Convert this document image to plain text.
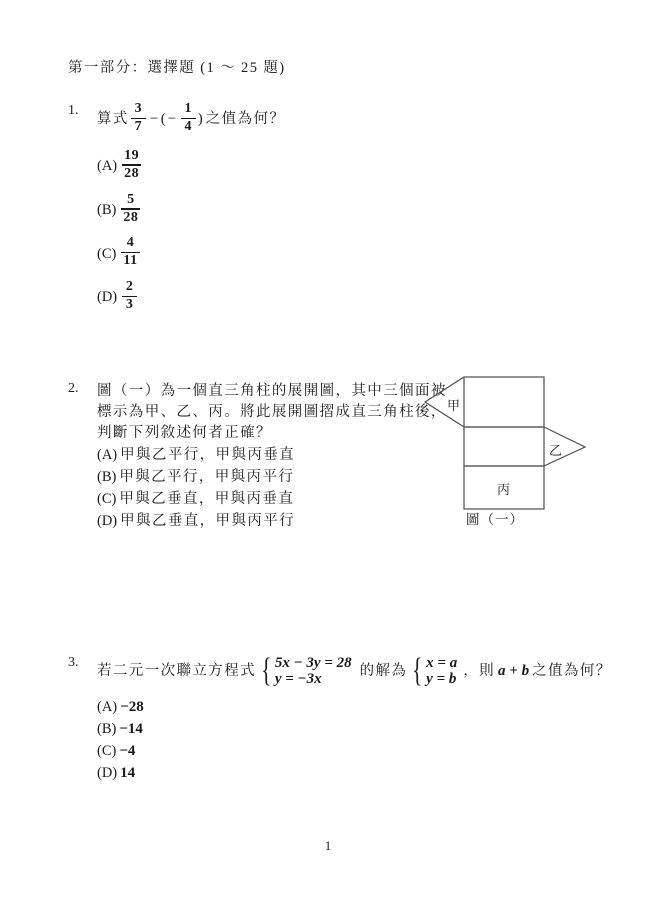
第一部分：選擇題 (1 ～ 25 題)
1.
算式 $\frac{3}{7}$ − ( − $\frac{1}{4}$ ) 之值為何？
$(A) \frac{19}{28}$
$(B) \frac{5}{28}$
$(C) \frac{4}{11}$
$(D) \frac{2}{3}$
2.	圖（一）為一個直三角柱的展開圖，其中三個面被
標示為甲、乙、丙。將此展開圖摺成直三角柱後，
判斷下列敘述何者正確？
(A) 甲與乙平行，甲與丙垂直
(B) 甲與乙平行，甲與丙平行
(C) 甲與乙垂直，甲與丙垂直
(D) 甲與乙垂直，甲與丙平行
甲
乙
丙
圖（一）
3.	若二元一次聯立方程式 { 5x − 3y = 28
y = −3x
的解為 { x = a
y = b
，則 a + b 之值為何？
(A) −28
(B) −14
(C) −4
(D) 14
1
